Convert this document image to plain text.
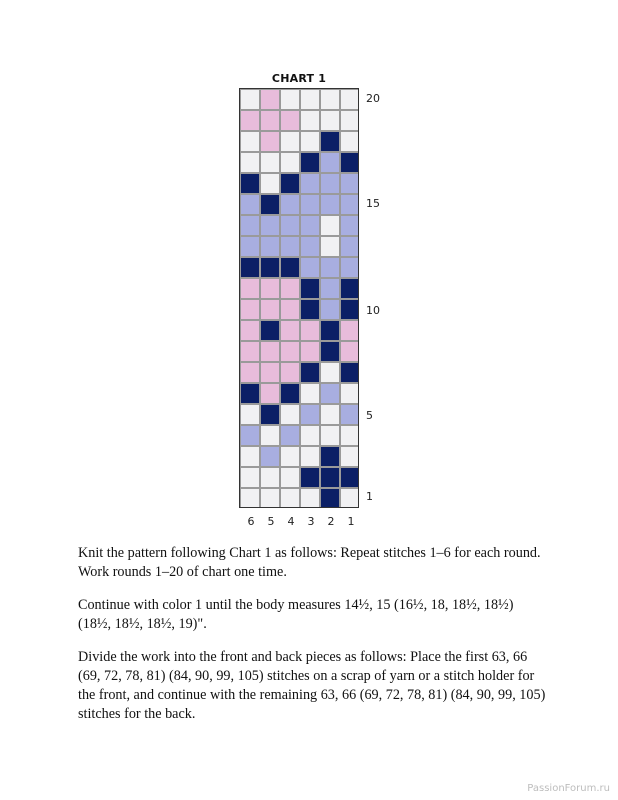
CHART 1
20
15
10
5
1
6	5	4	3	2	1

Knit the pattern following Chart 1 as follows: Repeat stitches 1–6 for each round. Work rounds 1–20 of chart one time.

Continue with color 1 until the body measures 14½, 15 (16½, 18, 18½, 18½) (18½, 18½, 18½, 19)".

Divide the work into the front and back pieces as follows: Place the first 63, 66 (69, 72, 78, 81) (84, 90, 99, 105) stitches on a scrap of yarn or a stitch holder for the front, and continue with the remaining 63, 66 (69, 72, 78, 81) (84, 90, 99, 105) stitches for the back.

PassionForum.ru
